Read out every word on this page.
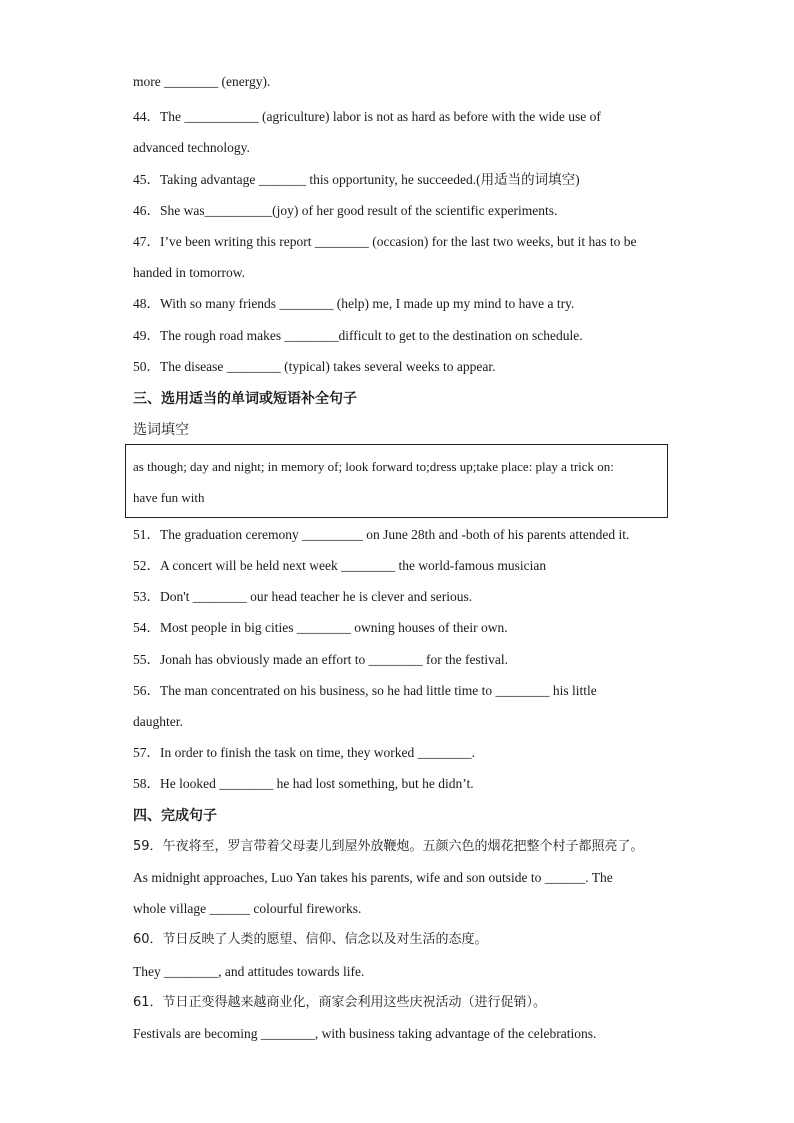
more ________ (energy).
44．The ___________ (agriculture) labor is not as hard as before with the wide use of
advanced technology.
45．Taking advantage _______ this opportunity, he succeeded.(用适当的词填空)
46．She was__________(joy) of her good result of the scientific experiments.
47．I’ve been writing this report ________ (occasion) for the last two weeks, but it has to be
handed in tomorrow.
48．With so many friends ________ (help) me, I made up my mind to have a try.
49．The rough road makes ________difficult to get to the destination on schedule.
50．The disease ________ (typical) takes several weeks to appear.
三、选用适当的单词或短语补全句子
选词填空
as though; day and night; in memory of; look forward to;dress up;take place: play a trick on:
have fun with
51．The graduation ceremony _________ on June 28th and -both of his parents attended it.
52．A concert will be held next week ________ the world-famous musician
53．Don't ________ our head teacher he is clever and serious.
54．Most people in big cities ________ owning houses of their own.
55．Jonah has obviously made an effort to ________ for the festival.
56．The man concentrated on his business, so he had little time to ________ his little
daughter.
57．In order to finish the task on time, they worked ________.
58．He looked ________ he had lost something, but he didn’t.
四、完成句子
59．午夜将至，罗言带着父母妻儿到屋外放鞭炮。五颜六色的烟花把整个村子都照亮了。
As midnight approaches, Luo Yan takes his parents, wife and son outside to ______. The
whole village ______ colourful fireworks.
60．节日反映了人类的愿望、信仰、信念以及对生活的态度。
They ________, and attitudes towards life.
61．节日正变得越来越商业化，商家会利用这些庆祝活动（进行促销）。
Festivals are becoming ________, with business taking advantage of the celebrations.
